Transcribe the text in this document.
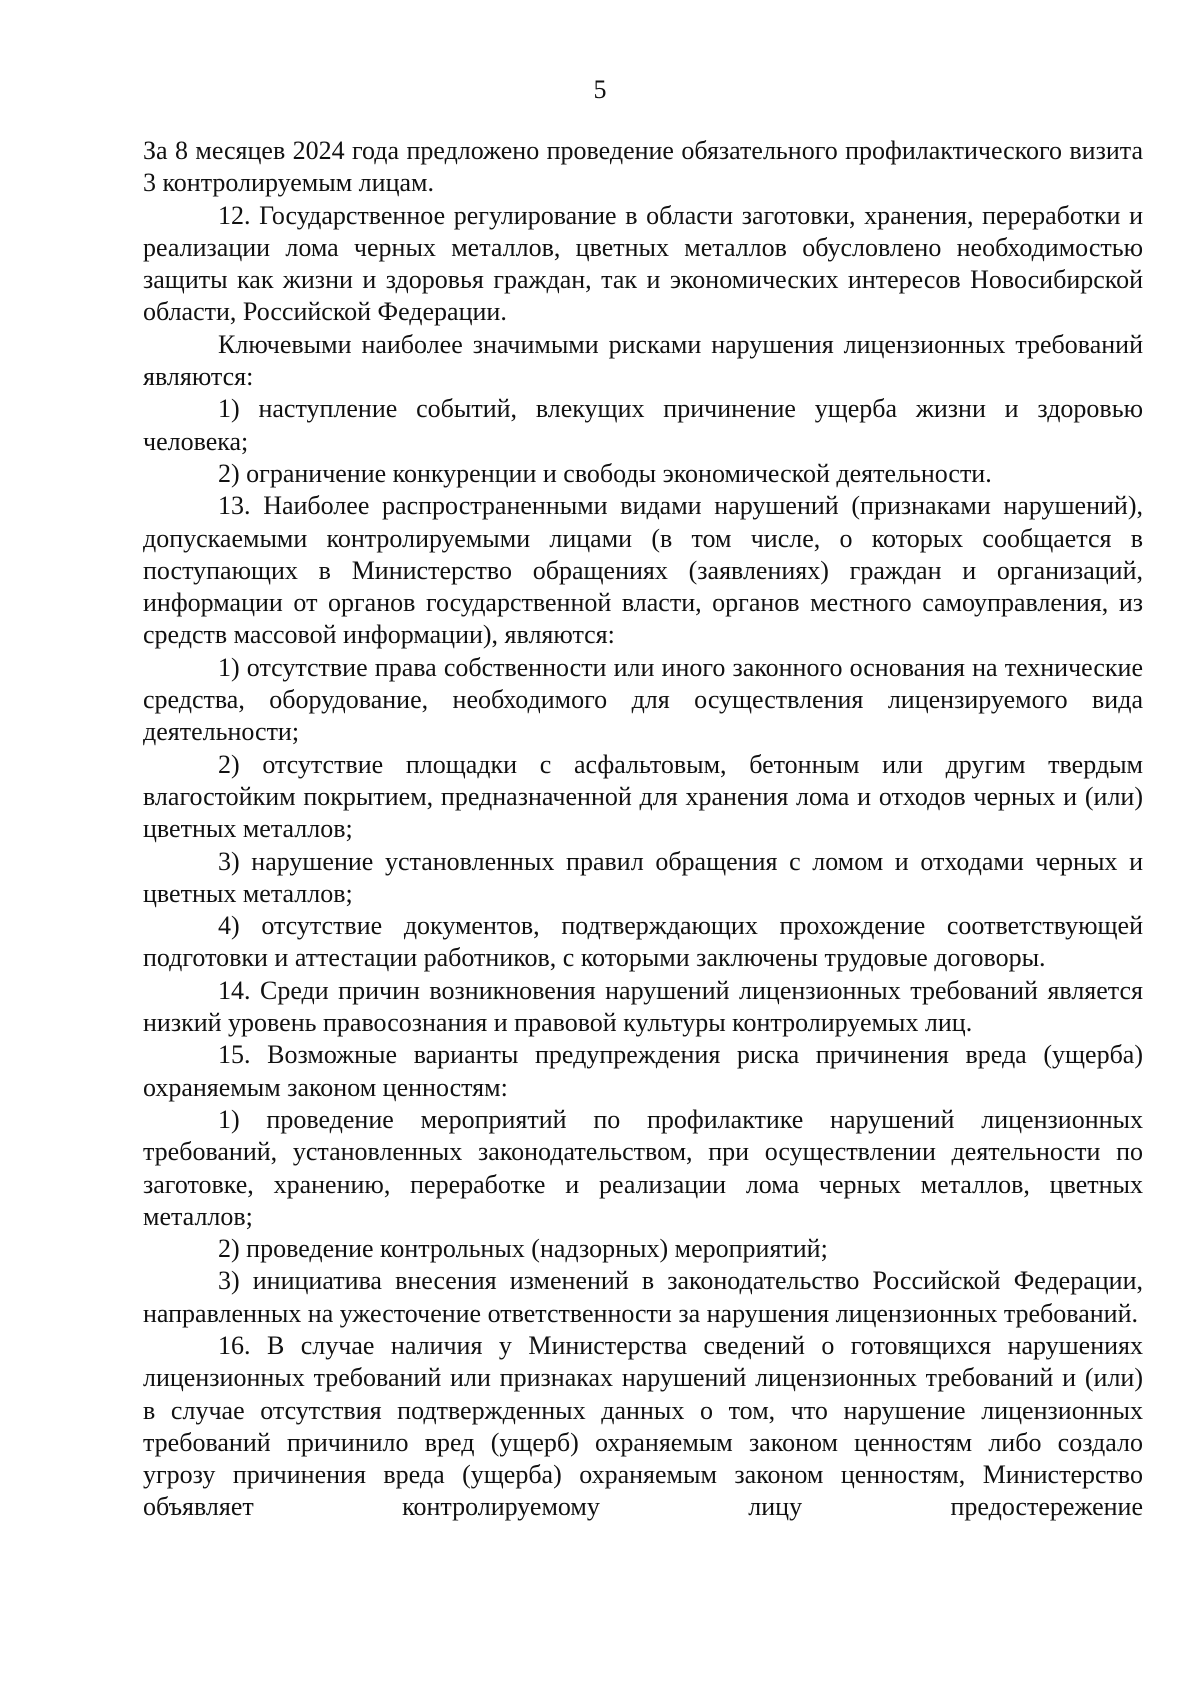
5

За 8 месяцев 2024 года предложено проведение обязательного профилактического визита 3 контролируемым лицам.

12. Государственное регулирование в области заготовки, хранения, переработки и реализации лома черных металлов, цветных металлов обусловлено необходимостью защиты как жизни и здоровья граждан, так и экономических интересов Новосибирской области, Российской Федерации.

Ключевыми наиболее значимыми рисками нарушения лицензионных требований являются:

1) наступление событий, влекущих причинение ущерба жизни и здоровью человека;

2) ограничение конкуренции и свободы экономической деятельности.

13. Наиболее распространенными видами нарушений (признаками нарушений), допускаемыми контролируемыми лицами (в том числе, о которых сообщается в поступающих в Министерство обращениях (заявлениях) граждан и организаций, информации от органов государственной власти, органов местного самоуправления, из средств массовой информации), являются:

1) отсутствие права собственности или иного законного основания на технические средства, оборудование, необходимого для осуществления лицензируемого вида деятельности;

2) отсутствие площадки с асфальтовым, бетонным или другим твердым влагостойким покрытием, предназначенной для хранения лома и отходов черных и (или) цветных металлов;

3) нарушение установленных правил обращения с ломом и отходами черных и цветных металлов;

4) отсутствие документов, подтверждающих прохождение соответствующей подготовки и аттестации работников, с которыми заключены трудовые договоры.

14. Среди причин возникновения нарушений лицензионных требований является низкий уровень правосознания и правовой культуры контролируемых лиц.

15. Возможные варианты предупреждения риска причинения вреда (ущерба) охраняемым законом ценностям:

1) проведение мероприятий по профилактике нарушений лицензионных требований, установленных законодательством, при осуществлении деятельности по заготовке, хранению, переработке и реализации лома черных металлов, цветных металлов;

2) проведение контрольных (надзорных) мероприятий;

3) инициатива внесения изменений в законодательство Российской Федерации, направленных на ужесточение ответственности за нарушения лицензионных требований.

16. В случае наличия у Министерства сведений о готовящихся нарушениях лицензионных требований или признаках нарушений лицензионных требований и (или) в случае отсутствия подтвержденных данных о том, что нарушение лицензионных требований причинило вред (ущерб) охраняемым законом ценностям либо создало угрозу причинения вреда (ущерба) охраняемым законом ценностям, Министерство объявляет контролируемому лицу предостережение
